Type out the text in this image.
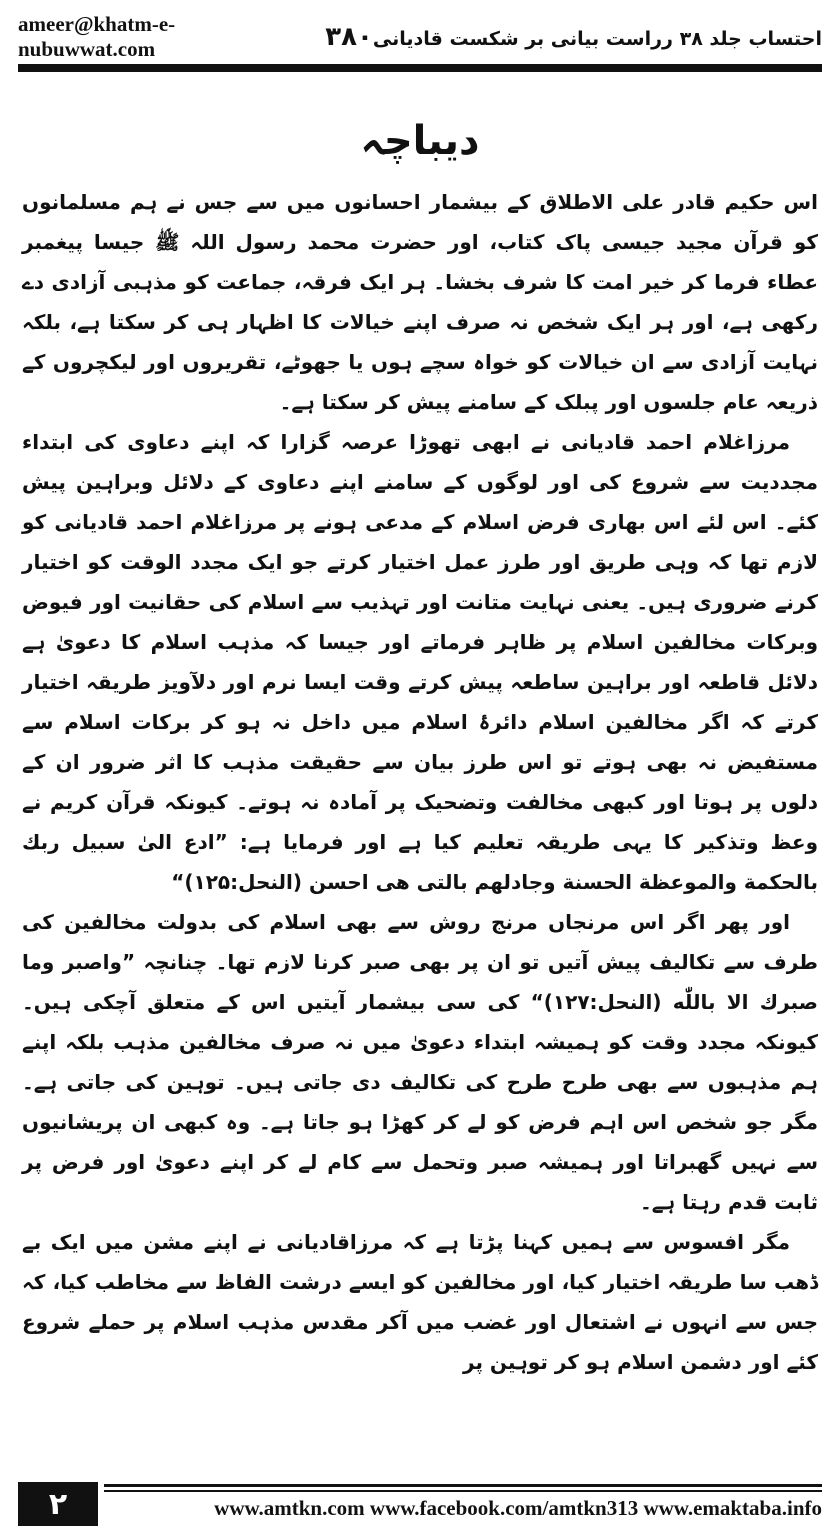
ameer@khatm-e-nubuwwat.com	احتساب جلد ۳۸ رراست بیانی بر شکست قادیانی۳۸۰
دیباچہ

اس حکیم قادر علی الاطلاق کے بیشمار احسانوں میں سے جس نے ہم مسلمانوں کو قرآن مجید جیسی پاک کتاب، اور حضرت محمد رسول اللہ ﷺ جیسا پیغمبر عطاء فرما کر خیر امت کا شرف بخشا۔ ہر ایک فرقہ، جماعت کو مذہبی آزادی دے رکھی ہے، اور ہر ایک شخص نہ صرف اپنے خیالات کا اظہار ہی کر سکتا ہے، بلکہ نہایت آزادی سے ان خیالات کو خواہ سچے ہوں یا جھوٹے، تقریروں اور لیکچروں کے ذریعہ عام جلسوں اور پبلک کے سامنے پیش کر سکتا ہے۔

مرزاغلام احمد قادیانی نے ابھی تھوڑا عرصہ گزارا کہ اپنے دعاوی کی ابتداء مجددیت سے شروع کی اور لوگوں کے سامنے اپنے دعاوی کے دلائل وبراہین پیش کئے۔ اس لئے اس بھاری فرض اسلام کے مدعی ہونے پر مرزاغلام احمد قادیانی کو لازم تھا کہ وہی طریق اور طرز عمل اختیار کرتے جو ایک مجدد الوقت کو اختیار کرنے ضروری ہیں۔ یعنی نہایت متانت اور تہذیب سے اسلام کی حقانیت اور فیوض وبرکات مخالفین اسلام پر ظاہر فرماتے اور جیسا کہ مذہب اسلام کا دعویٰ ہے دلائل قاطعہ اور براہین ساطعہ پیش کرتے وقت ایسا نرم اور دلآویز طریقہ اختیار کرتے کہ اگر مخالفین اسلام دائرۂ اسلام میں داخل نہ ہو کر برکات اسلام سے مستفیض نہ بھی ہوتے تو اس طرز بیان سے حقیقت مذہب کا اثر ضرور ان کے دلوں پر ہوتا اور کبھی مخالفت وتضحیک پر آمادہ نہ ہوتے۔ کیونکہ قرآن کریم نے وعظ وتذکیر کا یہی طریقہ تعلیم کیا ہے اور فرمایا ہے: ”ادع الیٰ سبیل ربك بالحکمة والموعظة الحسنة وجادلهم بالتی هی احسن (النحل:۱۲۵)“

اور پھر اگر اس مرنجاں مرنج روش سے بھی اسلام کی بدولت مخالفین کی طرف سے تکالیف پیش آتیں تو ان پر بھی صبر کرنا لازم تھا۔ چنانچہ ”واصبر وما صبرك الا باللّٰه (النحل:۱۲۷)“ کی سی بیشمار آیتیں اس کے متعلق آچکی ہیں۔ کیونکہ مجدد وقت کو ہمیشہ ابتداء دعویٰ میں نہ صرف مخالفین مذہب بلکہ اپنے ہم مذہبوں سے بھی طرح طرح کی تکالیف دی جاتی ہیں۔ توہین کی جاتی ہے۔ مگر جو شخص اس اہم فرض کو لے کر کھڑا ہو جاتا ہے۔ وہ کبھی ان پریشانیوں سے نہیں گھبراتا اور ہمیشہ صبر وتحمل سے کام لے کر اپنے دعویٰ اور فرض پر ثابت قدم رہتا ہے۔

مگر افسوس سے ہمیں کہنا پڑتا ہے کہ مرزاقادیانی نے اپنے مشن میں ایک بے ڈھب سا طریقہ اختیار کیا، اور مخالفین کو ایسے درشت الفاظ سے مخاطب کیا، کہ جس سے انہوں نے اشتعال اور غضب میں آکر مقدس مذہب اسلام پر حملے شروع کئے اور دشمن اسلام ہو کر توہین پر

۲	www.amtkn.com www.facebook.com/amtkn313 www.emaktaba.info
